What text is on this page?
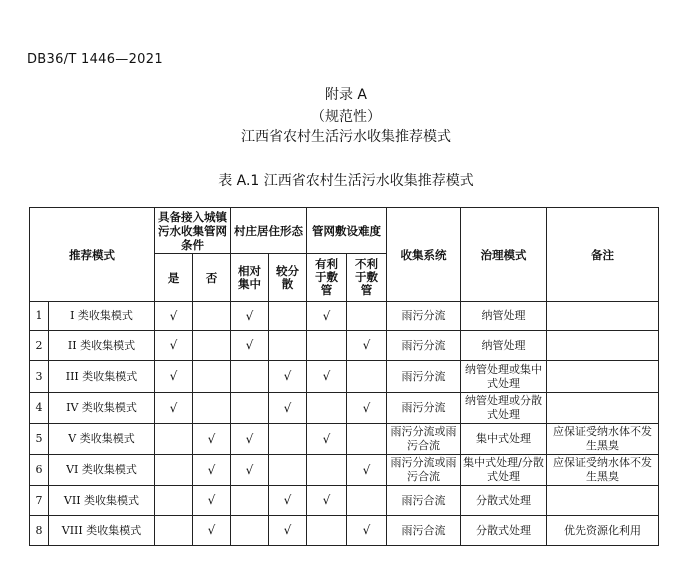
DB36/T 1446—2021
附录 A
（规范性）
江西省农村生活污水收集推荐模式
表 A.1 江西省农村生活污水收集推荐模式
推荐模式		具备接入城镇污水收集管网条件		村庄居住形态		管网敷设难度		收集系统	治理模式	备注
		是	否	相对集中	较分散	有利于敷管	不利于敷管			
1	I 类收集模式	√		√		√		雨污分流	纳管处理	

2	II 类收集模式	√		√			√	雨污分流	纳管处理	

3	III 类收集模式	√			√	√		雨污分流	纳管处理或集中式处理	

4	IV 类收集模式	√			√		√	雨污分流	纳管处理或分散式处理	

5	V 类收集模式		√	√		√		雨污分流或雨污合流	集中式处理	应保证受纳水体不发生黑臭

6	VI 类收集模式		√	√			√	雨污分流或雨污合流	集中式处理/分散式处理	应保证受纳水体不发生黑臭

7	VII 类收集模式		√		√	√		雨污合流	分散式处理	

8	VIII 类收集模式		√		√		√	雨污合流	分散式处理	优先资源化利用
